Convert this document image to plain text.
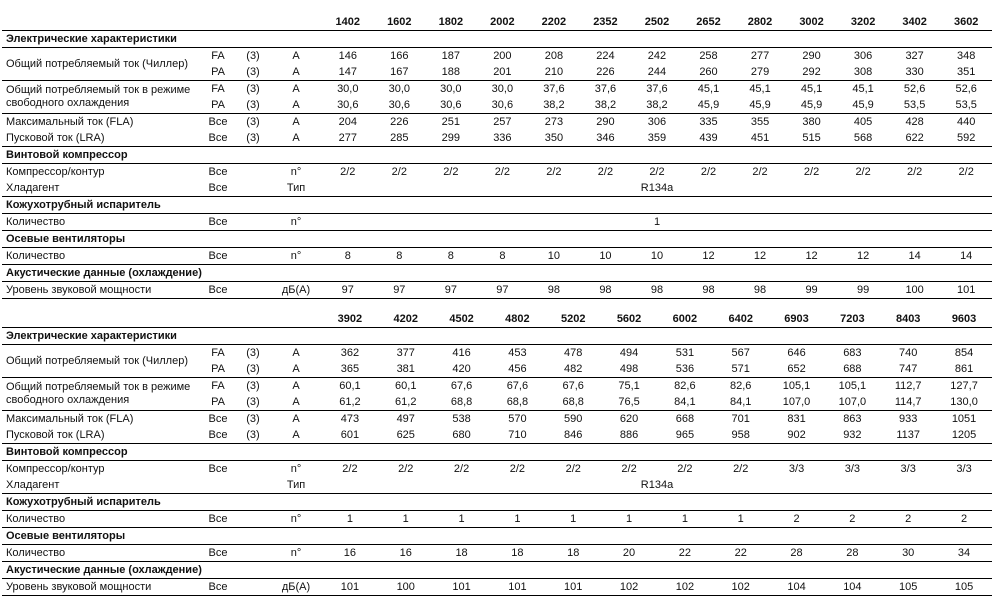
				1402	1602	1802	2002	2202	2352	2502	2652	2802	3002	3202	3402	3602
Электрические характеристики																
Общий потребляемый ток (Чиллер)	FA	(3)	A	146	166	187	200	208	224	242	258	277	290	306	327	348
	PA	(3)	A	147	167	188	201	210	226	244	260	279	292	308	330	351
Общий потребляемый ток в режиме свободного охлаждения	FA	(3)	A	30,0	30,0	30,0	30,0	37,6	37,6	37,6	45,1	45,1	45,1	45,1	52,6	52,6
	PA	(3)	A	30,6	30,6	30,6	30,6	38,2	38,2	38,2	45,9	45,9	45,9	45,9	53,5	53,5
Максимальный ток (FLA)	Все	(3)	A	204	226	251	257	273	290	306	335	355	380	405	428	440
Пусковой ток (LRA)	Все	(3)	A	277	285	299	336	350	346	359	439	451	515	568	622	592
Винтовой компрессор																
Компрессор/контур	Все		n°	2/2	2/2	2/2	2/2	2/2	2/2	2/2	2/2	2/2	2/2	2/2	2/2	2/2
Хладагент	Все		Тип	R134a												
Кожухотрубный испаритель																
Количество	Все		n°	1												
Осевые вентиляторы																
Количество	Все		n°	8	8	8	8	10	10	10	12	12	12	12	14	14
Акустические данные (охлаждение)																
Уровень звуковой мощности	Все		дБ(А)	97	97	97	97	98	98	98	98	98	99	99	100	101
				3902	4202	4502	4802	5202	5602	6002	6402	6903	7203	8403	9603
Электрические характеристики															
Общий потребляемый ток (Чиллер)	FA	(3)	A	362	377	416	453	478	494	531	567	646	683	740	854
	PA	(3)	A	365	381	420	456	482	498	536	571	652	688	747	861
Общий потребляемый ток в режиме свободного охлаждения	FA	(3)	A	60,1	60,1	67,6	67,6	67,6	75,1	82,6	82,6	105,1	105,1	112,7	127,7
	PA	(3)	A	61,2	61,2	68,8	68,8	68,8	76,5	84,1	84,1	107,0	107,0	114,7	130,0
Максимальный ток (FLA)	Все	(3)	A	473	497	538	570	590	620	668	701	831	863	933	1051
Пусковой ток (LRA)	Все	(3)	A	601	625	680	710	846	886	965	958	902	932	1137	1205
Винтовой компрессор															
Компрессор/контур	Все		n°	2/2	2/2	2/2	2/2	2/2	2/2	2/2	2/2	3/3	3/3	3/3	3/3
Хладагент			Тип	R134a											
Кожухотрубный испаритель															
Количество	Все		n°	1	1	1	1	1	1	1	1	2	2	2	2
Осевые вентиляторы															
Количество	Все		n°	16	16	18	18	18	20	22	22	28	28	30	34
Акустические данные (охлаждение)															
Уровень звуковой мощности	Все		дБ(А)	101	100	101	101	101	102	102	102	104	104	105	105
